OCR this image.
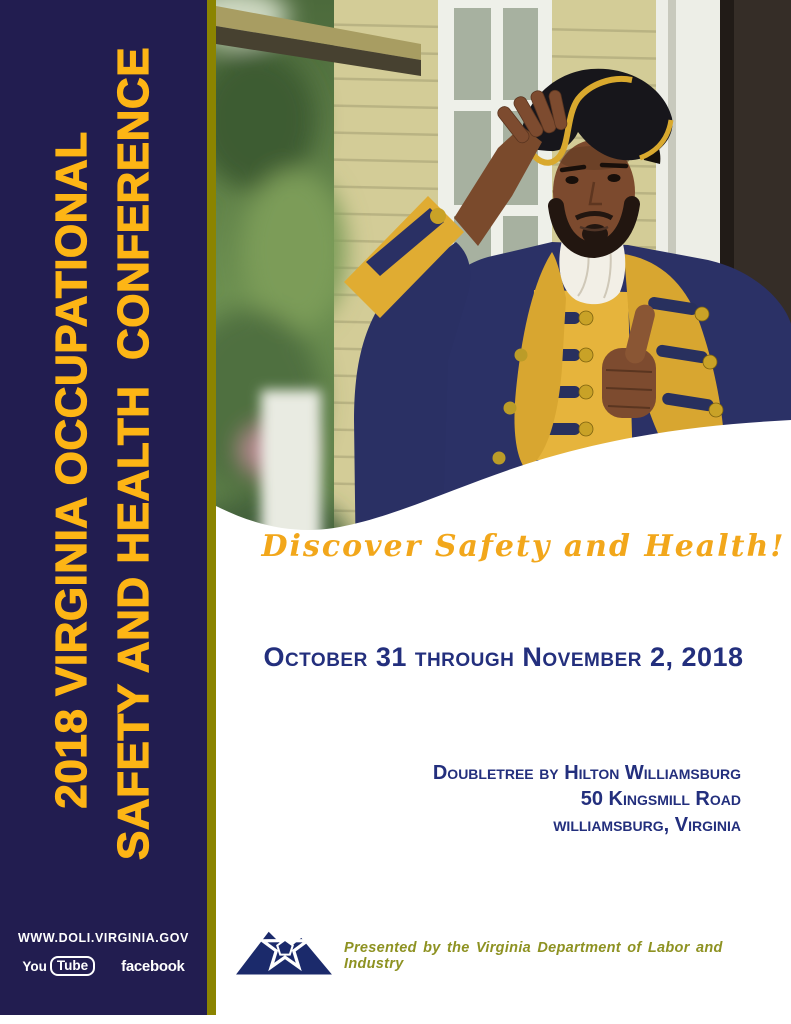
2018 VIRGINIA OCCUPATIONAL SAFETY AND HEALTH  CONFERENCE
WWW.DOLI.VIRGINIA.GOV
You Tube	facebook
Discover Safety and Health!
October 31 through November 2, 2018
Doubletree by Hilton Williamsburg
50 Kingsmill Road
williamsburg, Virginia
Presented by the Virginia Department of Labor and Industry
